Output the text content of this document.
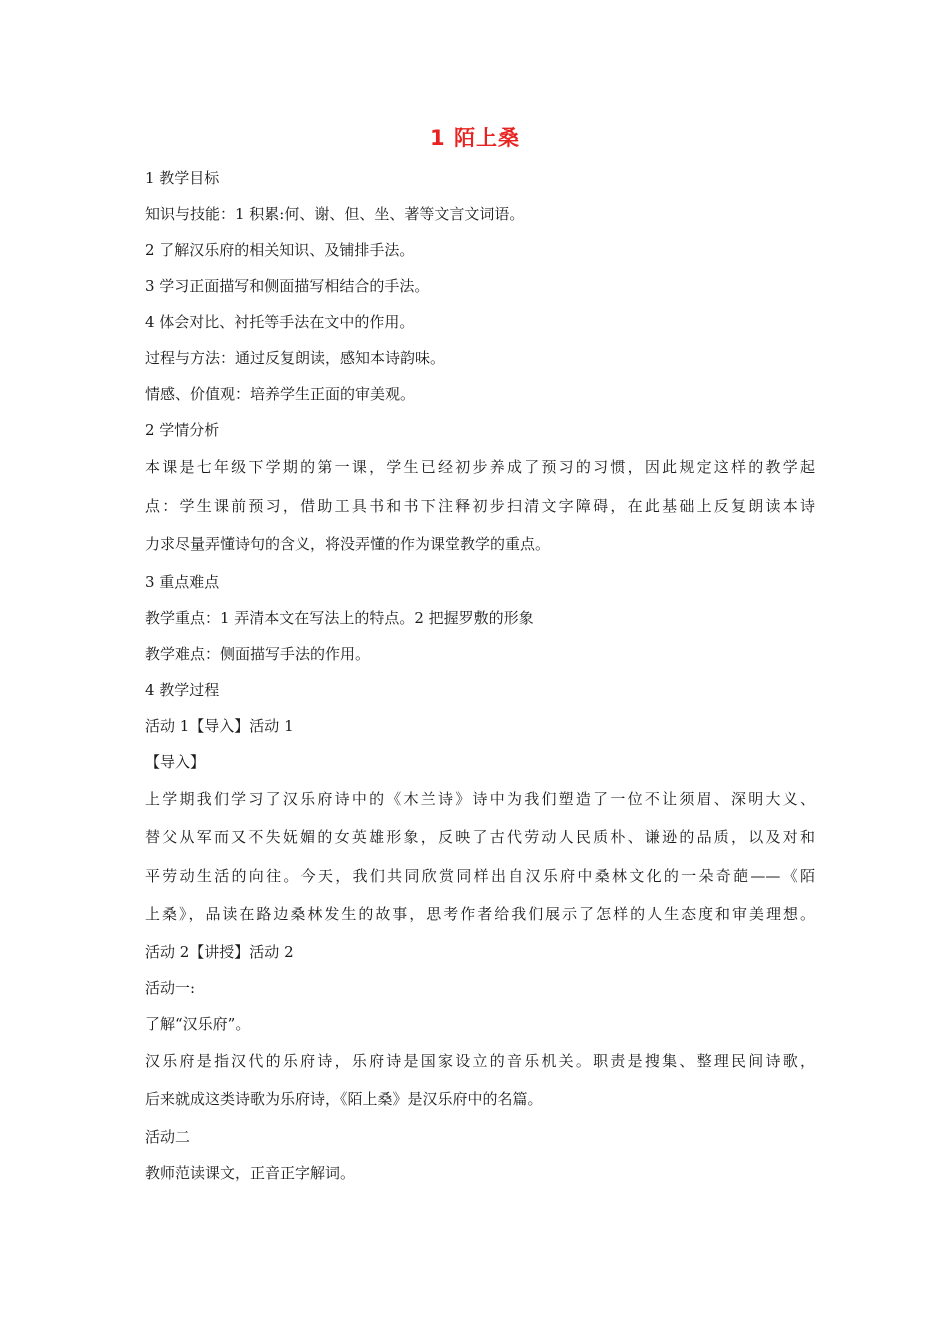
1 陌上桑

1 教学目标

知识与技能：1 积累:何、谢、但、坐、著等文言文词语。

2 了解汉乐府的相关知识、及铺排手法。

3 学习正面描写和侧面描写相结合的手法。

4 体会对比、衬托等手法在文中的作用。

过程与方法：通过反复朗读，感知本诗韵味。

情感、价值观：培养学生正面的审美观。

2 学情分析

本课是七年级下学期的第一课，学生已经初步养成了预习的习惯，因此规定这样的教学起

点：学生课前预习，借助工具书和书下注释初步扫清文字障碍，在此基础上反复朗读本诗

力求尽量弄懂诗句的含义，将没弄懂的作为课堂教学的重点。

3 重点难点

教学重点：1 弄清本文在写法上的特点。2 把握罗敷的形象

教学难点：侧面描写手法的作用。

4 教学过程

活动 1【导入】活动 1

【导入】

上学期我们学习了汉乐府诗中的《木兰诗》诗中为我们塑造了一位不让须眉、深明大义、

替父从军而又不失妩媚的女英雄形象，反映了古代劳动人民质朴、谦逊的品质，以及对和

平劳动生活的向往。今天，我们共同欣赏同样出自汉乐府中桑林文化的一朵奇葩——《陌

上桑》，品读在路边桑林发生的故事，思考作者给我们展示了怎样的人生态度和审美理想。

活动 2【讲授】活动 2

活动一:

了解“汉乐府”。

汉乐府是指汉代的乐府诗，乐府诗是国家设立的音乐机关。职责是搜集、整理民间诗歌，

后来就成这类诗歌为乐府诗，《陌上桑》是汉乐府中的名篇。

活动二

教师范读课文，正音正字解词。
